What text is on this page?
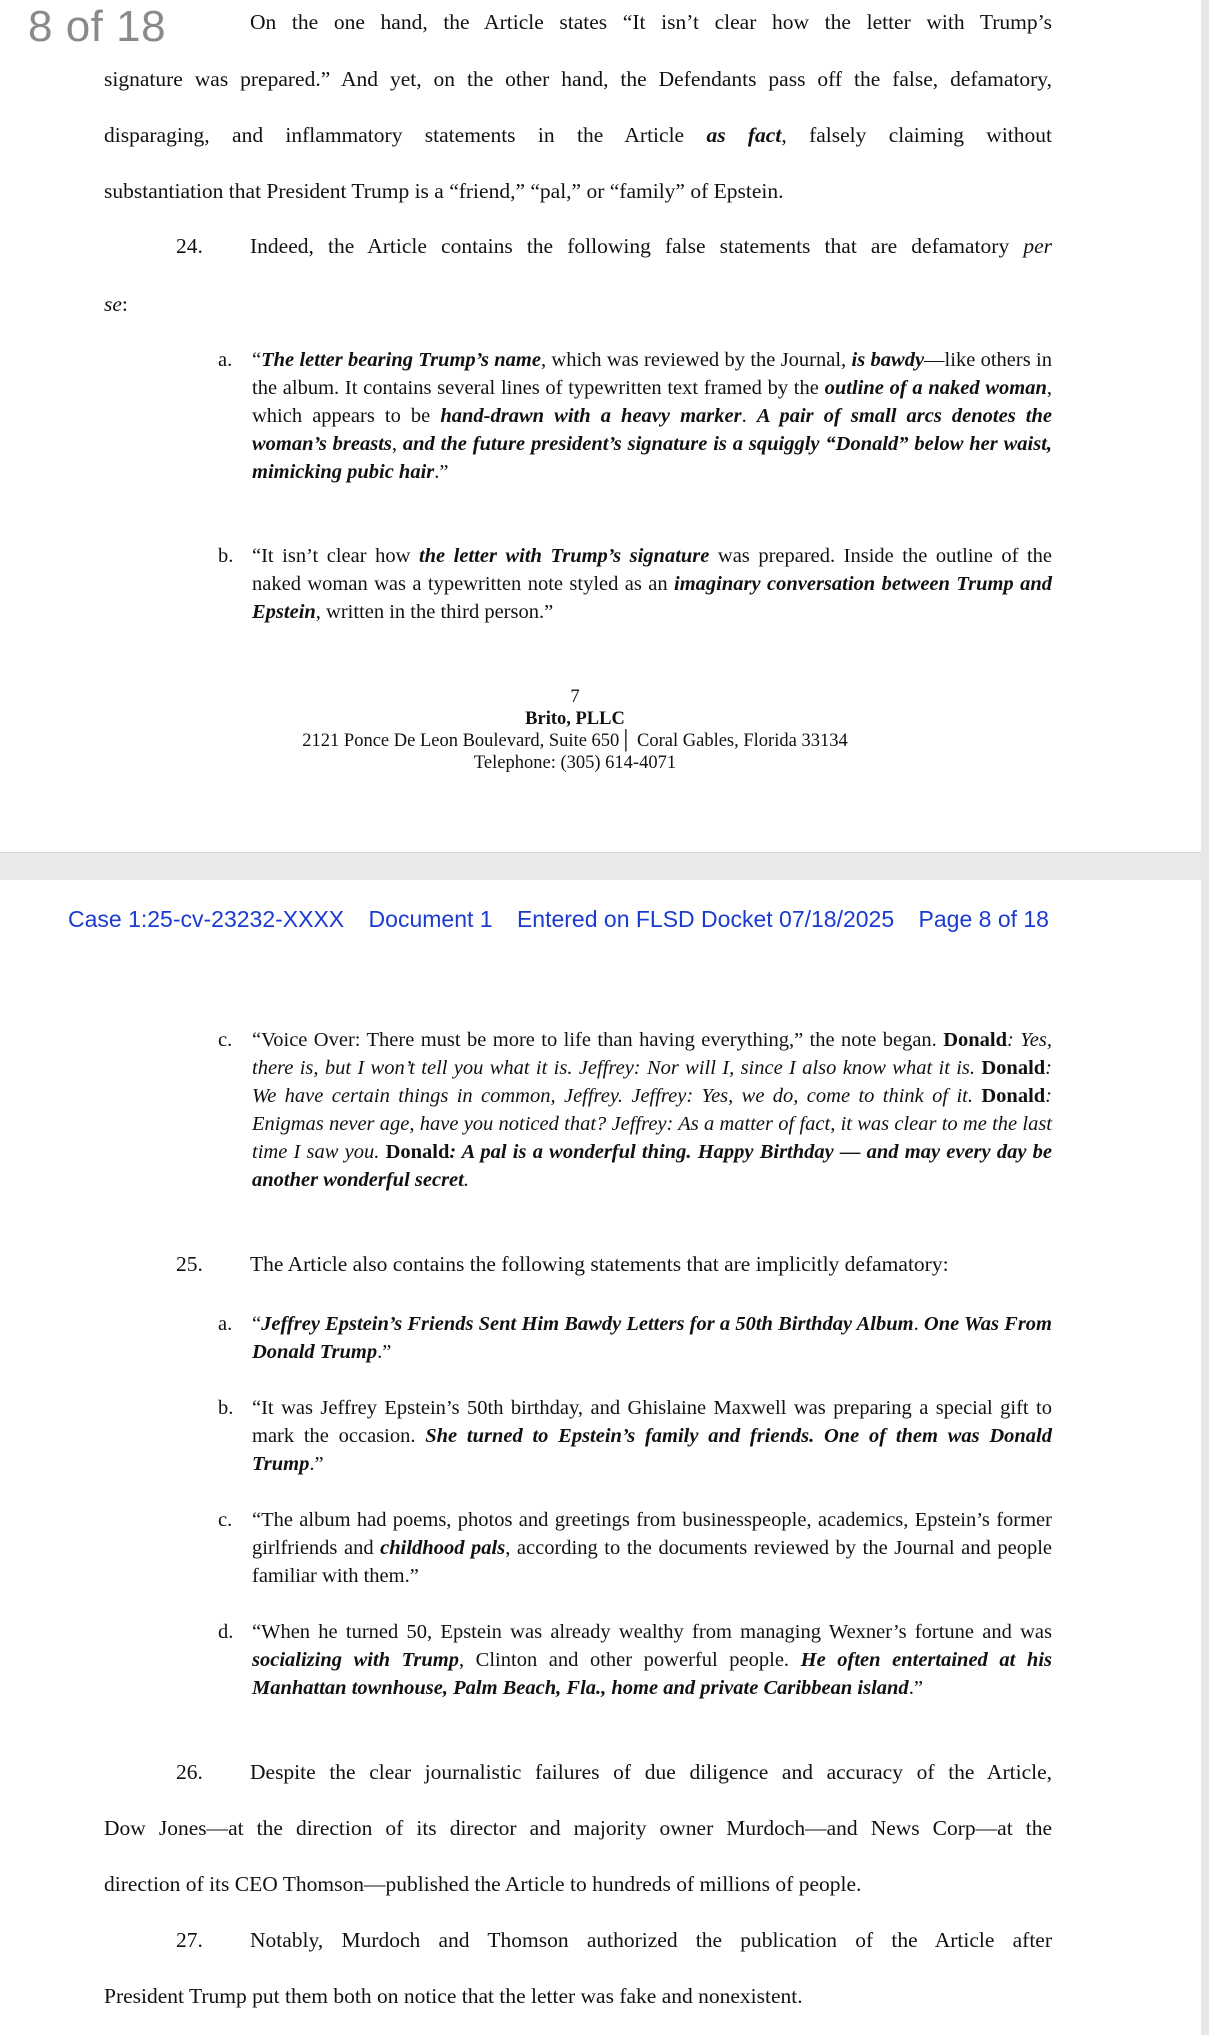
8 of 18	On the one hand, the Article states “It isn’t clear how the letter with Trump’s
signature was prepared.” And yet, on the other hand, the Defendants pass off the false, defamatory,
disparaging, and inflammatory statements in the Article as fact, falsely claiming without
substantiation that President Trump is a “friend,” “pal,” or “family” of Epstein.
24. Indeed, the Article contains the following false statements that are defamatory per
se:
a. “The letter bearing Trump’s name, which was reviewed by the Journal, is bawdy—like others in the album. It contains several lines of typewritten text framed by the outline of a naked woman, which appears to be hand-drawn with a heavy marker. A pair of small arcs denotes the woman’s breasts, and the future president’s signature is a squiggly “Donald” below her waist, mimicking pubic hair.”
b. “It isn’t clear how the letter with Trump’s signature was prepared. Inside the outline of the naked woman was a typewritten note styled as an imaginary conversation between Trump and Epstein, written in the third person.”
7
Brito, PLLC
2121 Ponce De Leon Boulevard, Suite 650│ Coral Gables, Florida 33134
Telephone: (305) 614-4071
Case 1:25-cv-23232-XXXX Document 1 Entered on FLSD Docket 07/18/2025 Page 8 of 18
c. “Voice Over: There must be more to life than having everything,” the note began. Donald: Yes, there is, but I won’t tell you what it is. Jeffrey: Nor will I, since I also know what it is. Donald: We have certain things in common, Jeffrey. Jeffrey: Yes, we do, come to think of it. Donald: Enigmas never age, have you noticed that? Jeffrey: As a matter of fact, it was clear to me the last time I saw you. Donald: A pal is a wonderful thing. Happy Birthday — and may every day be another wonderful secret.
25. The Article also contains the following statements that are implicitly defamatory:
a. “Jeffrey Epstein’s Friends Sent Him Bawdy Letters for a 50th Birthday Album. One Was From Donald Trump.”
b. “It was Jeffrey Epstein’s 50th birthday, and Ghislaine Maxwell was preparing a special gift to mark the occasion. She turned to Epstein’s family and friends. One of them was Donald Trump.”
c. “The album had poems, photos and greetings from businesspeople, academics, Epstein’s former girlfriends and childhood pals, according to the documents reviewed by the Journal and people familiar with them.”
d. “When he turned 50, Epstein was already wealthy from managing Wexner’s fortune and was socializing with Trump, Clinton and other powerful people. He often entertained at his Manhattan townhouse, Palm Beach, Fla., home and private Caribbean island.”
26. Despite the clear journalistic failures of due diligence and accuracy of the Article,
Dow Jones—at the direction of its director and majority owner Murdoch—and News Corp—at the
direction of its CEO Thomson—published the Article to hundreds of millions of people.
27. Notably, Murdoch and Thomson authorized the publication of the Article after
President Trump put them both on notice that the letter was fake and nonexistent.
